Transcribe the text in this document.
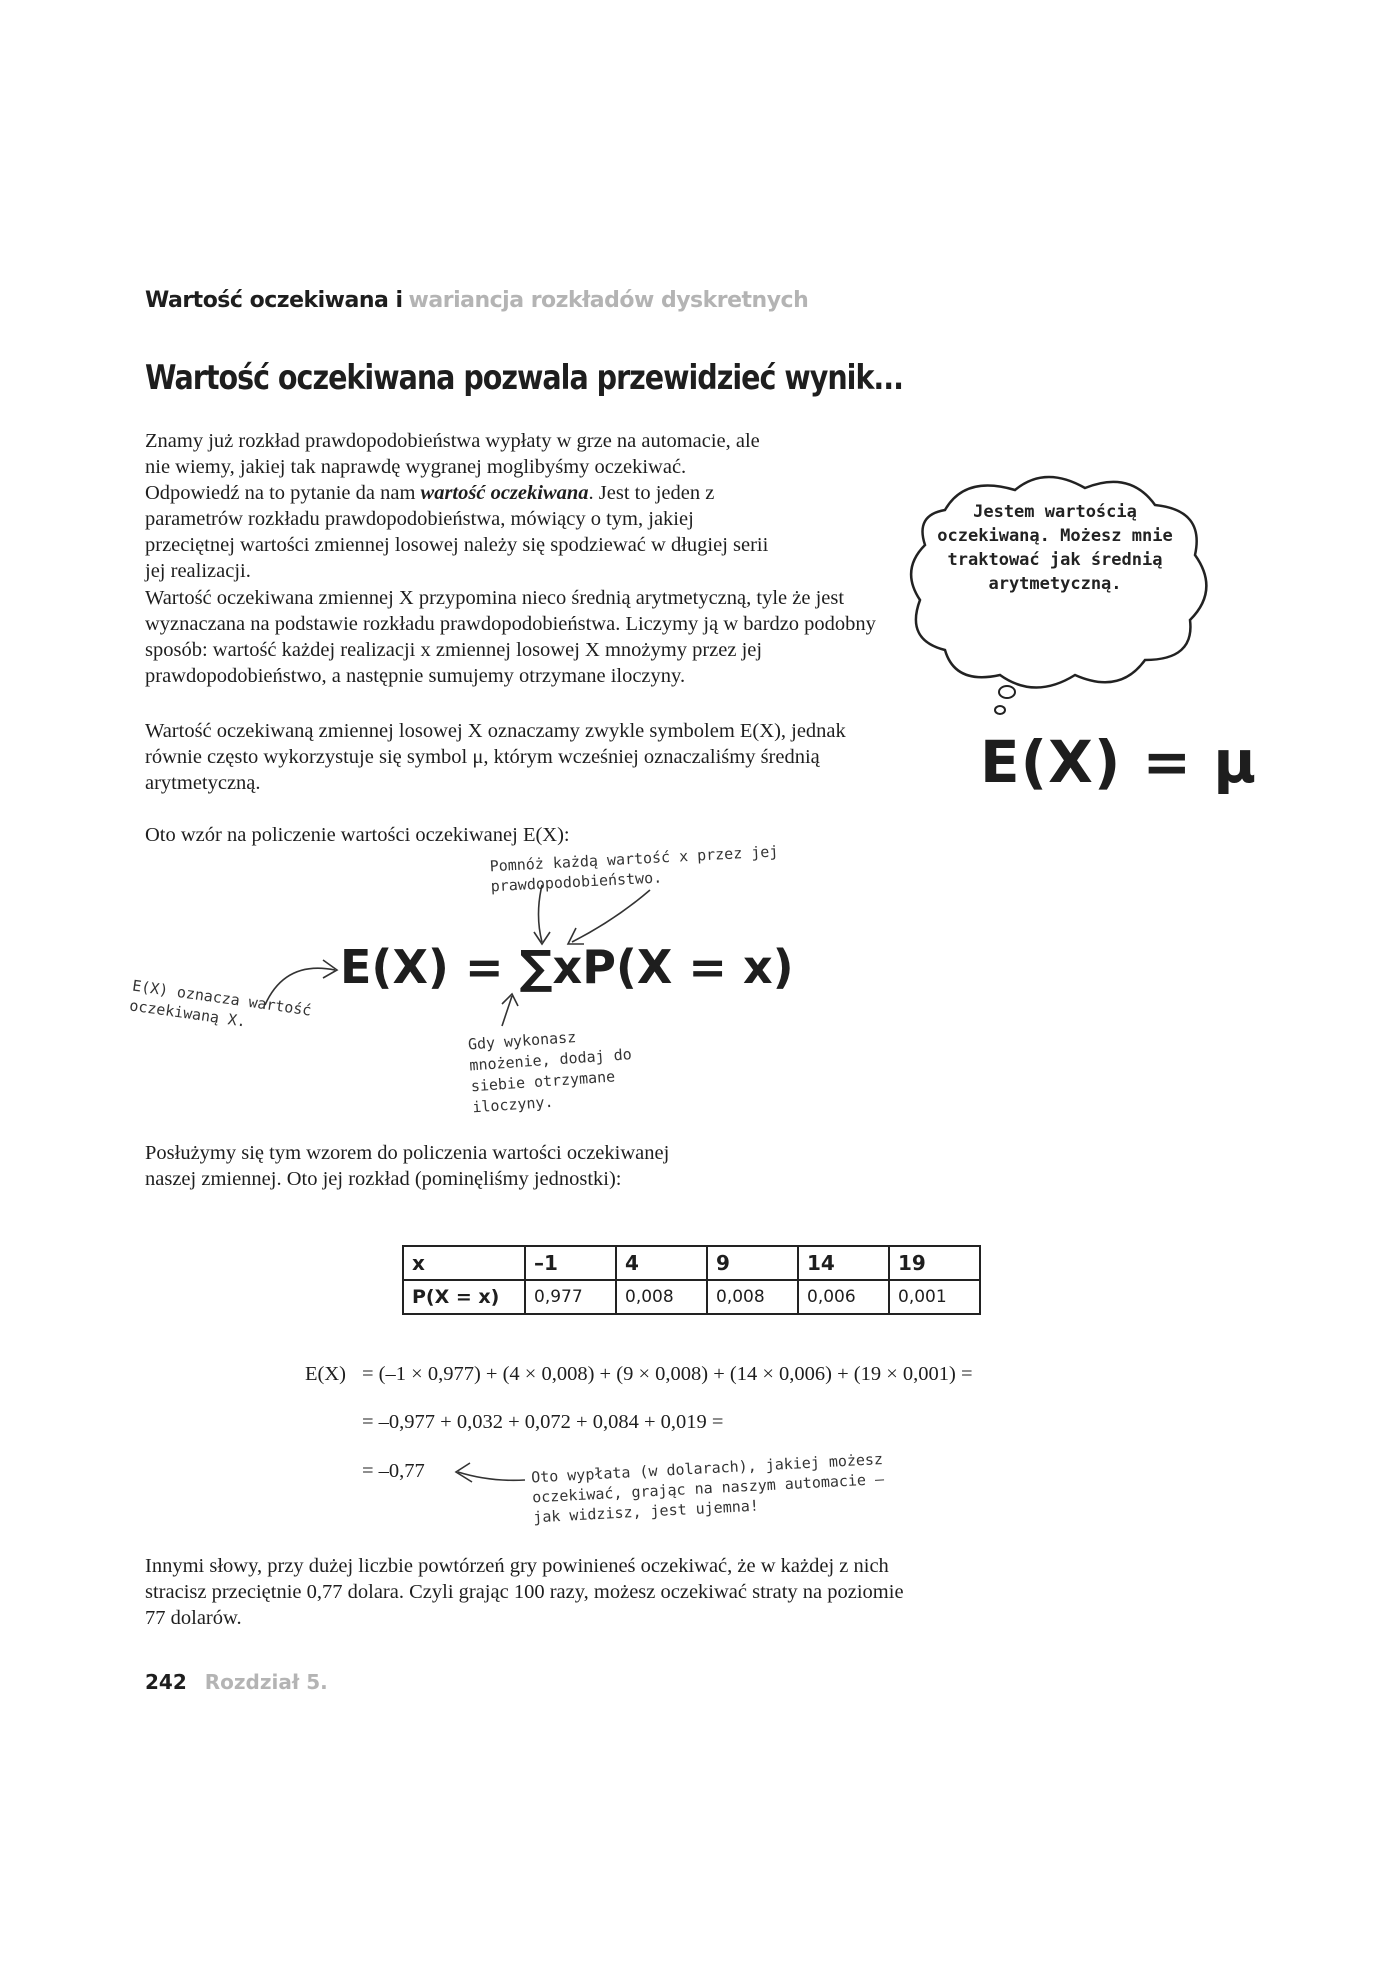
Wartość oczekiwana i wariancja rozkładów dyskretnych
Wartość oczekiwana pozwala przewidzieć wynik...

Znamy już rozkład prawdopodobieństwa wypłaty w grze na automacie, ale nie wiemy, jakiej tak naprawdę wygranej moglibyśmy oczekiwać. Odpowiedź na to pytanie da nam wartość oczekiwana. Jest to jeden z parametrów rozkładu prawdopodobieństwa, mówiący o tym, jakiej przeciętnej wartości zmiennej losowej należy się spodziewać w długiej serii jej realizacji.

Wartość oczekiwana zmiennej X przypomina nieco średnią arytmetyczną, tyle że jest wyznaczana na podstawie rozkładu prawdopodobieństwa. Liczymy ją w bardzo podobny sposób: wartość każdej realizacji x zmiennej losowej X mnożymy przez jej prawdopodobieństwo, a następnie sumujemy otrzymane iloczyny.

Wartość oczekiwaną zmiennej losowej X oznaczamy zwykle symbolem E(X), jednak równie często wykorzystuje się symbol μ, którym wcześniej oznaczaliśmy średnią arytmetyczną.

Oto wzór na policzenie wartości oczekiwanej E(X):

Jestem wartością oczekiwaną. Możesz mnie traktować jak średnią arytmetyczną.
E(X) = μ
Pomnóż każdą wartość x przez jej prawdopodobieństwo.
E(X) = ∑xP(X = x)
E(X) oznacza wartość oczekiwaną X.
Gdy wykonasz mnożenie, dodaj do siebie otrzymane iloczyny.

Posłużymy się tym wzorem do policzenia wartości oczekiwanej naszej zmiennej. Oto jej rozkład (pominęliśmy jednostki):

x	–1	4	9	14	19
P(X = x)	0,977	0,008	0,008	0,006	0,001
E(X) = (–1 × 0,977) + (4 × 0,008) + (9 × 0,008) + (14 × 0,006) + (19 × 0,001) =
= –0,977 + 0,032 + 0,072 + 0,084 + 0,019 =
= –0,77	Oto wypłata (w dolarach), jakiej możesz oczekiwać, grając na naszym automacie — jak widzisz, jest ujemna!

Innymi słowy, przy dużej liczbie powtórzeń gry powinieneś oczekiwać, że w każdej z nich stracisz przeciętnie 0,77 dolara. Czyli grając 100 razy, możesz oczekiwać straty na poziomie 77 dolarów.

242 Rozdział 5.
